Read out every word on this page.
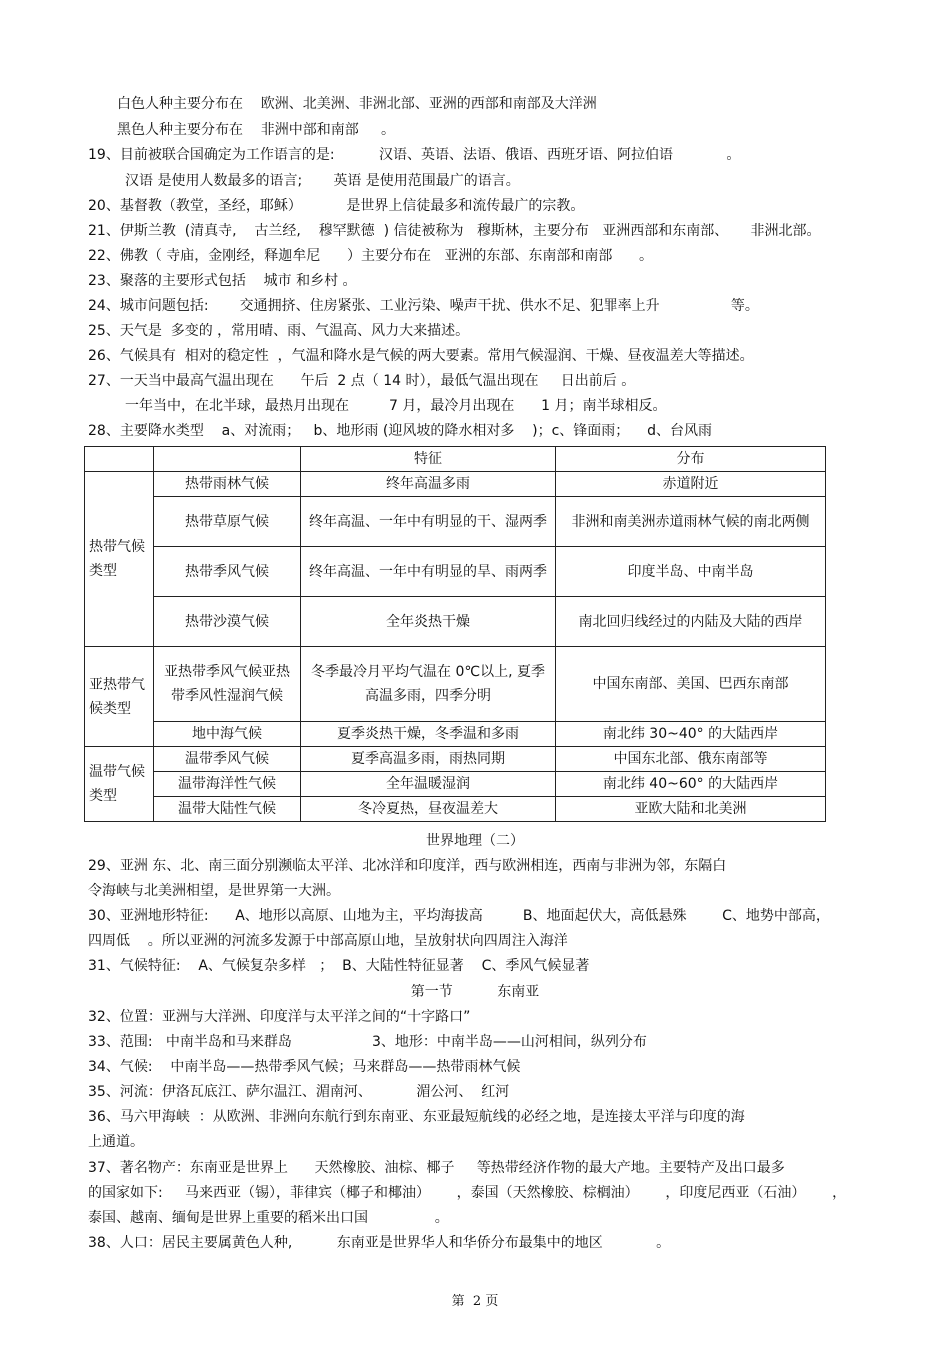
白色人种主要分布在    欧洲、北美洲、非洲北部、亚洲的西部和南部及大洋洲
黑色人种主要分布在    非洲中部和南部     。
19、目前被联合国确定为工作语言的是:          汉语、英语、法语、俄语、西班牙语、阿拉伯语            。
汉语 是使用人数最多的语言;       英语 是使用范围最广的语言。
20、基督教（教堂，圣经，耶稣）          是世界上信徒最多和流传最广的宗教。
21、伊斯兰教  (清真寺,    古兰经,    穆罕默德  ) 信徒被称为   穆斯林，主要分布   亚洲西部和东南部、     非洲北部。
22、佛教（ 寺庙，金刚经，释迦牟尼      ）主要分布在   亚洲的东部、东南部和南部      。
23、聚落的主要形式包括    城市 和乡村 。
24、城市问题包括:       交通拥挤、住房紧张、工业污染、噪声干扰、供水不足、犯罪率上升                等。
25、天气是  多变的 ，常用晴、雨、气温高、风力大来描述。
26、气候具有  相对的稳定性  ，气温和降水是气候的两大要素。常用气候湿润、干燥、昼夜温差大等描述。
27、一天当中最高气温出现在      午后  2 点（ 14 时），最低气温出现在     日出前后 。
一年当中，在北半球，最热月出现在         7 月，最冷月出现在      1 月；南半球相反。
28、主要降水类型    a、对流雨；   b、地形雨 (迎风坡的降水相对多    )；c、锋面雨；    d、台风雨
		特征	分布
热带气候类型	热带雨林气候	终年高温多雨	赤道附近
	热带草原气候	终年高温、一年中有明显的干、湿两季	非洲和南美洲赤道雨林气候的南北两侧
	热带季风气候	终年高温、一年中有明显的旱、雨两季	印度半岛、中南半岛
	热带沙漠气候	全年炎热干燥	南北回归线经过的内陆及大陆的西岸
亚热带气候类型	亚热带季风气候亚热带季风性湿润气候	冬季最冷月平均气温在 0℃以上, 夏季高温多雨，四季分明	中国东南部、美国、巴西东南部
	地中海气候	夏季炎热干燥，冬季温和多雨	南北纬 30~40° 的大陆西岸
温带气候类型	温带季风气候	夏季高温多雨，雨热同期	中国东北部、俄东南部等
	温带海洋性气候	全年温暖湿润	南北纬 40~60° 的大陆西岸
	温带大陆性气候	冬冷夏热，昼夜温差大	亚欧大陆和北美洲
世界地理（二）
29、亚洲 东、北、南三面分别濒临太平洋、北冰洋和印度洋，西与欧洲相连，西南与非洲为邻，东隔白
令海峡与北美洲相望，是世界第一大洲。
30、亚洲地形特征:      A、地形以高原、山地为主，平均海拔高         B、地面起伏大，高低悬殊        C、地势中部高，
四周低    。所以亚洲的河流多发源于中部高原山地，呈放射状向四周注入海洋
31、气候特征:    A、气候复杂多样   ；  B、大陆性特征显著    C、季风气候显著
第一节          东南亚
32、位置：亚洲与大洋洲、印度洋与太平洋之间的“十字路口”
33、范围:   中南半岛和马来群岛                  3、地形：中南半岛——山河相间，纵列分布
34、气候:    中南半岛——热带季风气候；马来群岛——热带雨林气候
35、河流：伊洛瓦底江、萨尔温江、湄南河、          湄公河、  红河
36、马六甲海峡  ：从欧洲、非洲向东航行到东南亚、东亚最短航线的必经之地，是连接太平洋与印度的海
上通道。
37、著名物产：东南亚是世界上      天然橡胶、油棕、椰子     等热带经济作物的最大产地。主要特产及出口最多
的国家如下:     马来西亚（锡），菲律宾（椰子和椰油）      ，泰国（天然橡胶、棕榈油）      ，印度尼西亚（石油）      ，
泰国、越南、缅甸是世界上重要的稻米出口国               。
38、人口：居民主要属黄色人种,          东南亚是世界华人和华侨分布最集中的地区            。
第  2 页
